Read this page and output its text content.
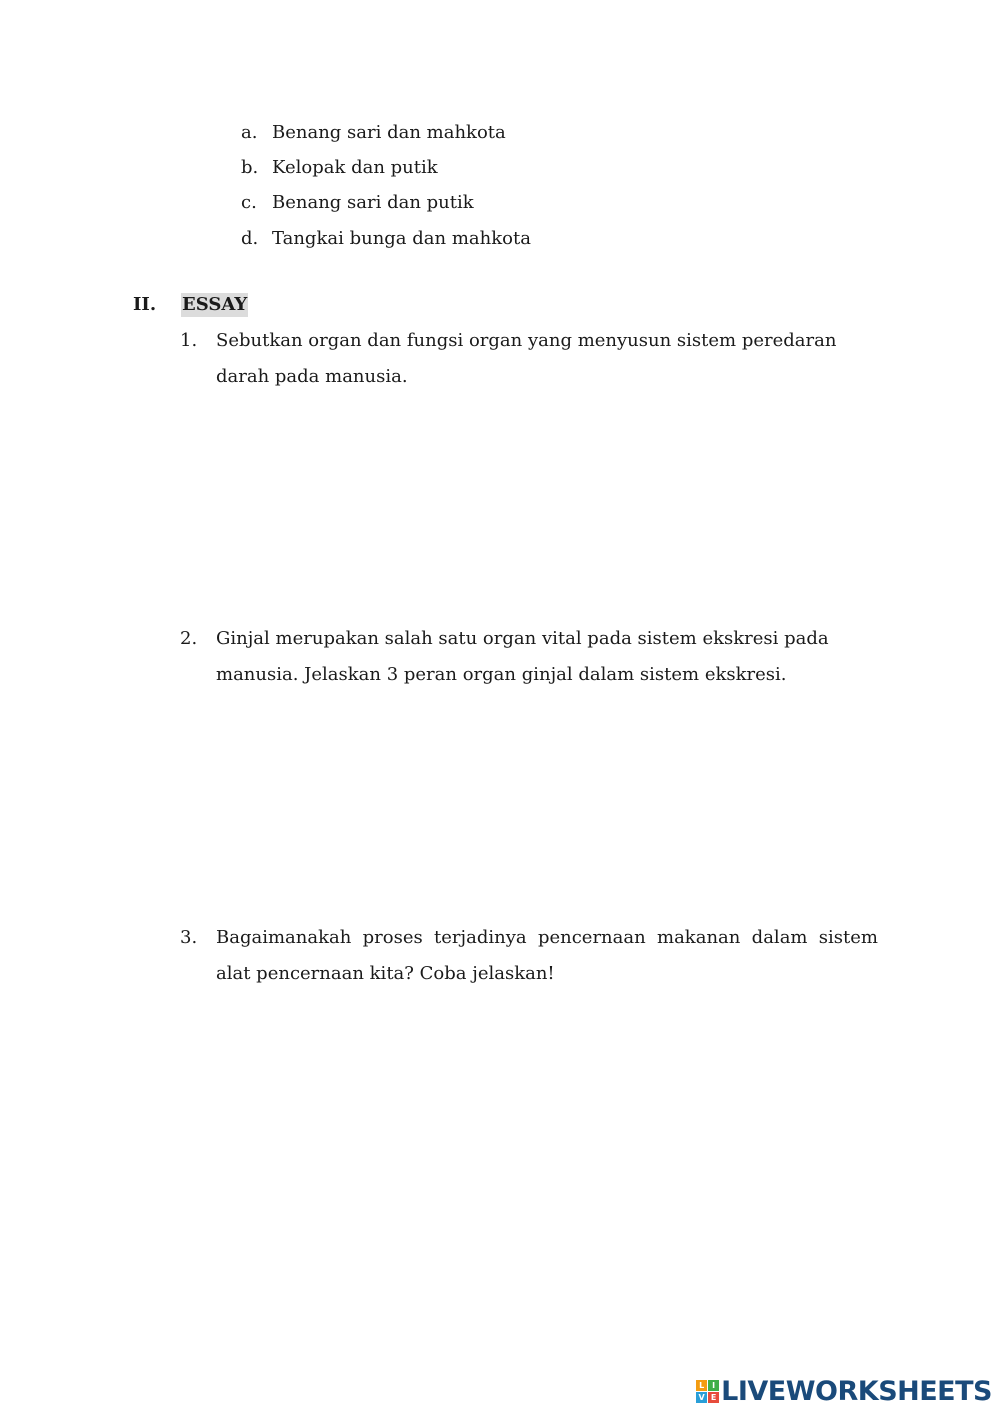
a. Benang sari dan mahkota
b. Kelopak dan putik
c. Benang sari dan putik
d. Tangkai bunga dan mahkota
II. ESSAY
1. Sebutkan organ dan fungsi organ yang menyusun sistem peredaran darah pada manusia.
2. Ginjal merupakan salah satu organ vital pada sistem ekskresi pada manusia. Jelaskan 3 peran organ ginjal dalam sistem ekskresi.
3. Bagaimanakah proses terjadinya pencernaan makanan dalam sistem alat pencernaan kita? Coba jelaskan!
L I
V E LIVEWORKSHEETS
